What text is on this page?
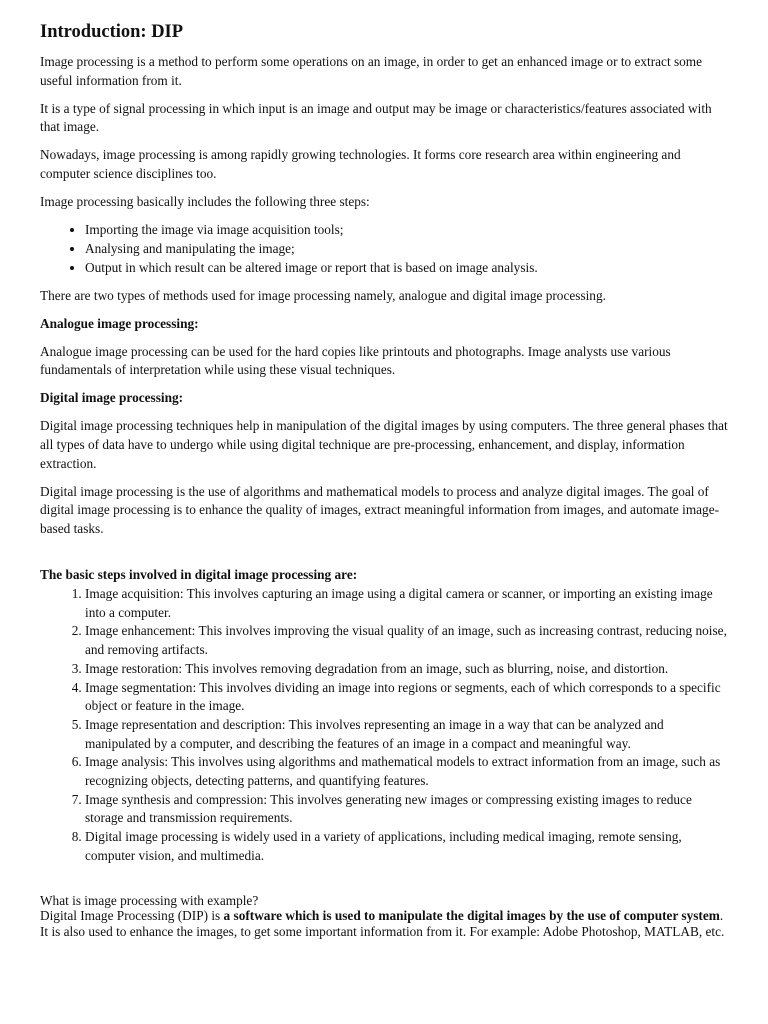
Introduction: DIP

Image processing is a method to perform some operations on an image, in order to get an enhanced image or to extract some useful information from it.

It is a type of signal processing in which input is an image and output may be image or characteristics/features associated with that image.

Nowadays, image processing is among rapidly growing technologies. It forms core research area within engineering and computer science disciplines too.

Image processing basically includes the following three steps:

• Importing the image via image acquisition tools;
• Analysing and manipulating the image;
• Output in which result can be altered image or report that is based on image analysis.

There are two types of methods used for image processing namely, analogue and digital image processing.

Analogue image processing:

Analogue image processing can be used for the hard copies like printouts and photographs. Image analysts use various fundamentals of interpretation while using these visual techniques.

Digital image processing:

Digital image processing techniques help in manipulation of the digital images by using computers. The three general phases that all types of data have to undergo while using digital technique are pre-processing, enhancement, and display, information extraction.

Digital image processing is the use of algorithms and mathematical models to process and analyze digital images. The goal of digital image processing is to enhance the quality of images, extract meaningful information from images, and automate image-based tasks.

The basic steps involved in digital image processing are:

1. Image acquisition: This involves capturing an image using a digital camera or scanner, or importing an existing image into a computer.
2. Image enhancement: This involves improving the visual quality of an image, such as increasing contrast, reducing noise, and removing artifacts.
3. Image restoration: This involves removing degradation from an image, such as blurring, noise, and distortion.
4. Image segmentation: This involves dividing an image into regions or segments, each of which corresponds to a specific object or feature in the image.
5. Image representation and description: This involves representing an image in a way that can be analyzed and manipulated by a computer, and describing the features of an image in a compact and meaningful way.
6. Image analysis: This involves using algorithms and mathematical models to extract information from an image, such as recognizing objects, detecting patterns, and quantifying features.
7. Image synthesis and compression: This involves generating new images or compressing existing images to reduce storage and transmission requirements.
8. Digital image processing is widely used in a variety of applications, including medical imaging, remote sensing, computer vision, and multimedia.

What is image processing with example?

Digital Image Processing (DIP) is a software which is used to manipulate the digital images by the use of computer system. It is also used to enhance the images, to get some important information from it. For example: Adobe Photoshop, MATLAB, etc.
